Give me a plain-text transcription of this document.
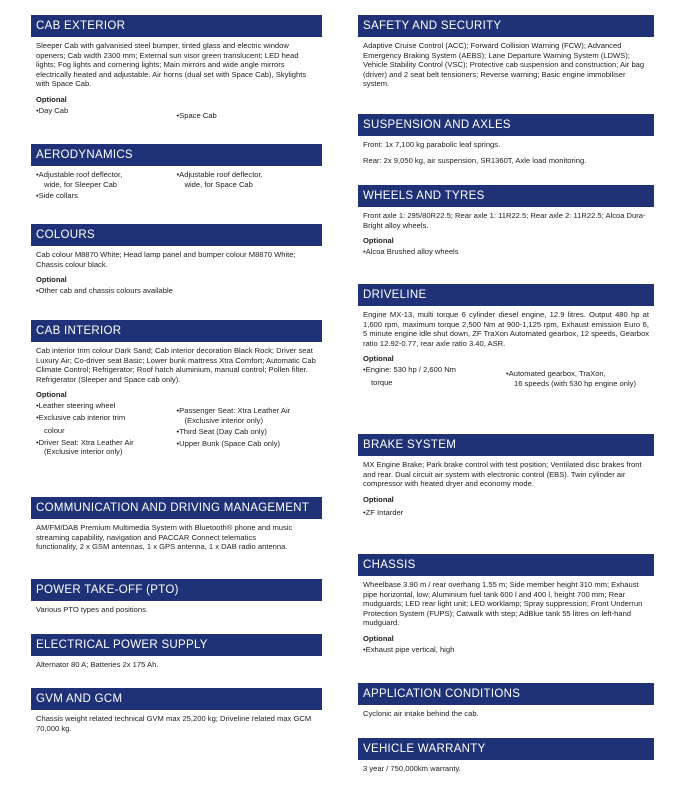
CAB EXTERIOR

Sleeper Cab with galvanised steel bumper, tinted glass and electric window openers; Cab width 2300 mm; External sun visor green translucent; LED head lights; Fog lights and cornering lights; Main mirrors and wide angle mirrors electrically heated and adjustable. Air horns (dual set with Space Cab), Skylights with Space Cab.

Optional
•Day Cab
•Space Cab
AERODYNAMICS
•Adjustable roof deflector,
wide, for Sleeper Cab
•Side collars
•Adjustable roof deflector,
wide, for Space Cab
COLOURS

Cab colour M8870 White; Head lamp panel and bumper colour M8870 White; Chassis colour black.

Optional
•Other cab and chassis colours available
CAB INTERIOR

Cab interior trim colour Dark Sand; Cab interior decoration Black Rock; Driver seat Luxury Air; Co-driver seat Basic; Lower bunk mattress Xtra Comfort; Automatic Cab Climate Control; Refrigerator; Roof hatch aluminium, manual control; Pollen filter. Refrigerator (Sleeper and Space cab only).

Optional
•Leather steering wheel
•Exclusive cab interior trim
colour
•Driver Seat: Xtra Leather Air
(Exclusive interior only)
•Passenger Seat: Xtra Leather Air
(Exclusive interior only)
•Third Seat (Day Cab only)
•Upper Bunk (Space Cab only)
COMMUNICATION AND DRIVING MANAGEMENT

AM/FM/DAB Premium Multimedia System with Bluetooth® phone and music streaming capability, navigation and PACCAR Connect telematics functionality, 2 x GSM antennas, 1 x GPS antenna, 1 x DAB radio antenna.

POWER TAKE-OFF (PTO)

Various PTO types and positions.

ELECTRICAL POWER SUPPLY

Alternator 80 A; Batteries 2x 175 Ah.

GVM AND GCM

Chassis weight related technical GVM max 25,200 kg; Driveline related max GCM 70,000 kg.

SAFETY AND SECURITY

Adaptive Cruise Control (ACC); Forward Collision Warning (FCW); Advanced Emergency Braking System (AEBS); Lane Departure Warning System (LDWS); Vehicle Stability Control (VSC); Protective cab suspension and construction; Air bag (driver) and 2 seat belt tensioners; Reverse warning; Basic engine immobiliser system.

SUSPENSION AND AXLES

Front: 1x 7,100 kg parabolic leaf springs.

Rear: 2x 9,050 kg, air suspension, SR1360T, Axle load monitoring.

WHEELS AND TYRES

Front axle 1: 295/80R22.5; Rear axle 1: 11R22.5; Rear axle 2: 11R22.5; Alcoa Dura-Bright alloy wheels.

Optional
•Alcoa Brushed alloy wheels
DRIVELINE

Engine MX-13, multi torque 6 cylinder diesel engine, 12.9 litres. Output 480 hp at 1,600 rpm, maximum torque 2,500 Nm at 900-1,125 rpm, Exhaust emission Euro 6, 5 minute engine idle shut down, ZF TraXon Automated gearbox, 12 speeds, Gearbox ratio 12.92-0.77, rear axle ratio 3.40, ASR.

Optional
•Engine: 530 hp / 2,600 Nm
torque
•Automated gearbox, TraXon,
16 speeds (with 530 hp engine only)
BRAKE SYSTEM

MX Engine Brake; Park brake control with test position; Ventilated disc brakes front and rear. Dual circuit air system with electronic control (EBS). Twin cylinder air compressor with heated dryer and economy mode.

Optional
•ZF Intarder
CHASSIS

Wheelbase 3.90 m / rear overhang 1.55 m; Side member height 310 mm; Exhaust pipe horizontal, low; Aluminium fuel tank 600 l and 400 l, height 700 mm; Rear mudguards; LED rear light unit; LED worklamp; Spray suppression; Front Underrun Protection System (FUPS); Catwalk with step; AdBlue tank 55 litres on left-hand mudguard.

Optional
•Exhaust pipe vertical, high
APPLICATION CONDITIONS

Cyclonic air intake behind the cab.

VEHICLE WARRANTY

3 year / 750,000km warranty.
